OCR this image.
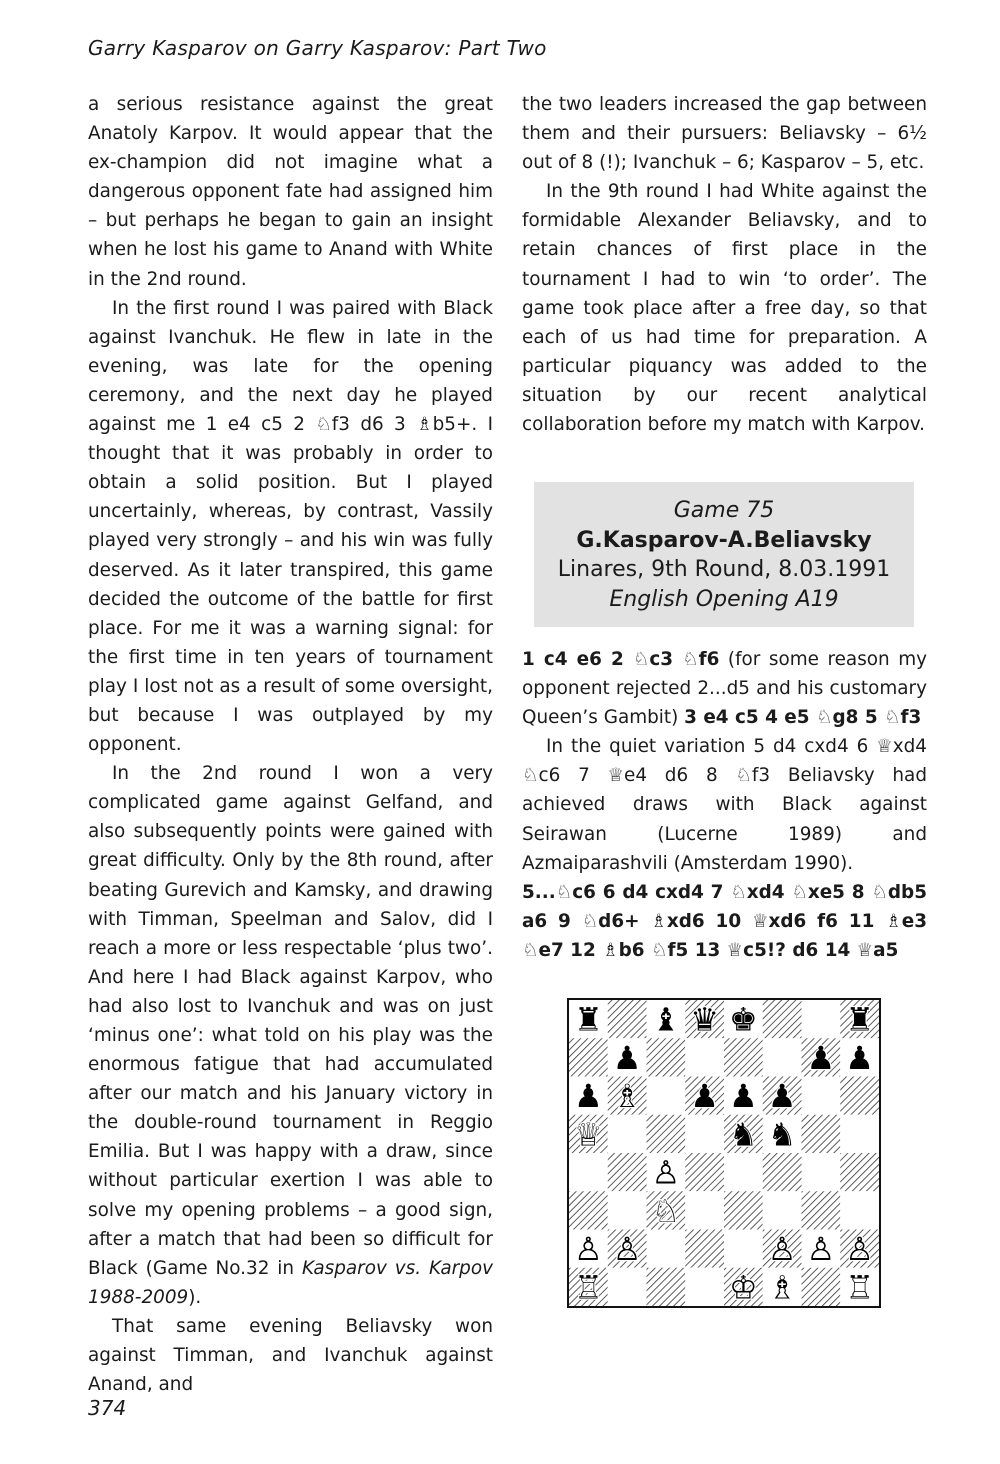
Garry Kasparov on Garry Kasparov: Part Two

a serious resistance against the great Anatoly Karpov. It would appear that the ex-champion did not imagine what a dangerous opponent fate had assigned him – but perhaps he began to gain an insight when he lost his game to Anand with White in the 2nd round.

In the first round I was paired with Black against Ivanchuk. He flew in late in the evening, was late for the opening ceremony, and the next day he played against me 1 e4 c5 2 ♘f3 d6 3 ♗b5+. I thought that it was probably in order to obtain a solid position. But I played uncertainly, whereas, by contrast, Vassily played very strongly – and his win was fully deserved. As it later transpired, this game decided the outcome of the battle for first place. For me it was a warning signal: for the first time in ten years of tournament play I lost not as a result of some oversight, but because I was outplayed by my opponent.

In the 2nd round I won a very complicated game against Gelfand, and also subsequently points were gained with great difficulty. Only by the 8th round, after beating Gurevich and Kamsky, and drawing with Timman, Speelman and Salov, did I reach a more or less respectable ‘plus two’. And here I had Black against Karpov, who had also lost to Ivanchuk and was on just ‘minus one’: what told on his play was the enormous fatigue that had accumulated after our match and his January victory in the double-round tournament in Reggio Emilia. But I was happy with a draw, since without particular exertion I was able to solve my opening problems – a good sign, after a match that had been so difficult for Black (Game No.32 in Kasparov vs. Karpov 1988-2009).

That same evening Beliavsky won against Timman, and Ivanchuk against Anand, and

the two leaders increased the gap between them and their pursuers: Beliavsky – 6½ out of 8 (!); Ivanchuk – 6; Kasparov – 5, etc.

In the 9th round I had White against the formidable Alexander Beliavsky, and to retain chances of first place in the tournament I had to win ‘to order’. The game took place after a free day, so that each of us had time for preparation. A particular piquancy was added to the situation by our recent analytical collaboration before my match with Karpov.

Game 75
G.Kasparov-A.Beliavsky
Linares, 9th Round, 8.03.1991
English Opening A19

1 c4 e6 2 ♘c3 ♘f6 (for some reason my opponent rejected 2...d5 and his customary Queen’s Gambit) 3 e4 c5 4 e5 ♘g8 5 ♘f3

In the quiet variation 5 d4 cxd4 6 ♕xd4 ♘c6 7 ♕e4 d6 8 ♘f3 Beliavsky had achieved draws with Black against Seirawan (Lucerne 1989) and Azmaiparashvili (Amsterdam 1990).

5...♘c6 6 d4 cxd4 7 ♘xd4 ♘xe5 8 ♘db5 a6 9 ♘d6+ ♗xd6 10 ♕xd6 f6 11 ♗e3 ♘e7 12 ♗b6 ♘f5 13 ♕c5!? d6 14 ♕a5

♜ ♝ ♛ ♚	♜
♟	♟ ♟
♟ ♗ ♟ ♟ ♟
♕	♞ ♞
♙
♘
♙ ♙	♙ ♙ ♙
♖	♔ ♗ ♖
374
